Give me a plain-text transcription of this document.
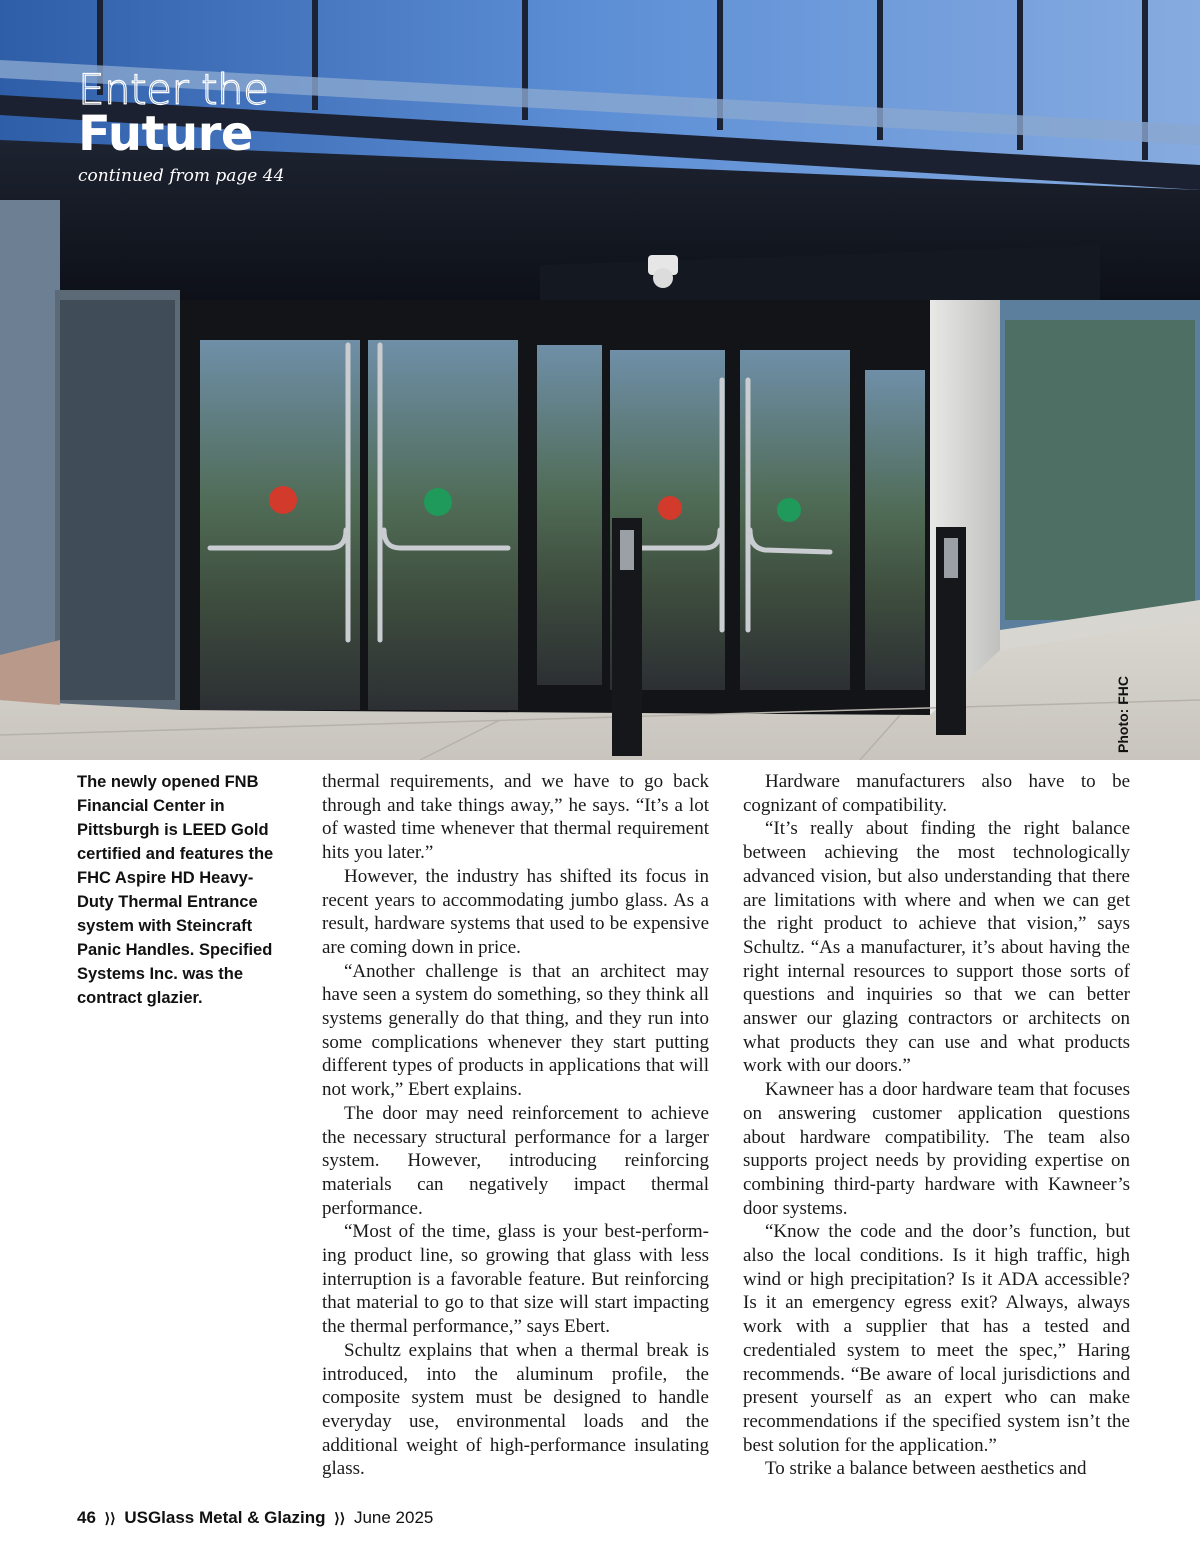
Enter the

Future

continued from page 44

Photo: FHC

The newly opened FNB Financial Center in Pittsburgh is LEED Gold certified and features the FHC Aspire HD Heavy-Duty Thermal Entrance system with Steincraft Panic Handles. Specified Systems Inc. was the contract glazier.

thermal requirements, and we have to go back through and take things away,” he says. “It’s a lot of wasted time whenever that thermal requirement hits you later.”

However, the industry has shifted its focus in recent years to accommodating jumbo glass. As a result, hardware systems that used to be expensive are coming down in price.

“Another challenge is that an architect may have seen a system do something, so they think all systems generally do that thing, and they run into some complications whenever they start putting different types of products in applications that will not work,” Ebert explains.

The door may need reinforcement to achieve the necessary structural performance for a larger system. However, introducing reinforcing materials can negatively impact thermal performance.

“Most of the time, glass is your best-performing product line, so growing that glass with less interruption is a favorable feature. But reinforcing that material to go to that size will start impacting the thermal performance,” says Ebert.

Schultz explains that when a thermal break is introduced, into the aluminum profile, the composite system must be designed to handle everyday use, environmental loads and the additional weight of high-performance insulating glass.

Hardware manufacturers also have to be cognizant of compatibility.

“It’s really about finding the right balance between achieving the most technologically advanced vision, but also understanding that there are limitations with where and when we can get the right product to achieve that vision,” says Schultz. “As a manufacturer, it’s about having the right internal resources to support those sorts of questions and inquiries so that we can better answer our glazing contractors or architects on what products they can use and what products work with our doors.”

Kawneer has a door hardware team that focuses on answering customer application questions about hardware compatibility. The team also supports project needs by providing expertise on combining third-party hardware with Kawneer’s door systems.

“Know the code and the door’s function, but also the local conditions. Is it high traffic, high wind or high precipitation? Is it ADA accessible? Is it an emergency egress exit? Always, always work with a supplier that has a tested and credentialed system to meet the spec,” Haring recommends. “Be aware of local jurisdictions and present yourself as an expert who can make recommendations if the specified system isn’t the best solution for the application.”

To strike a balance between aesthetics and

46 ⟩⟩ USGlass Metal & Glazing ⟩⟩ June 2025
